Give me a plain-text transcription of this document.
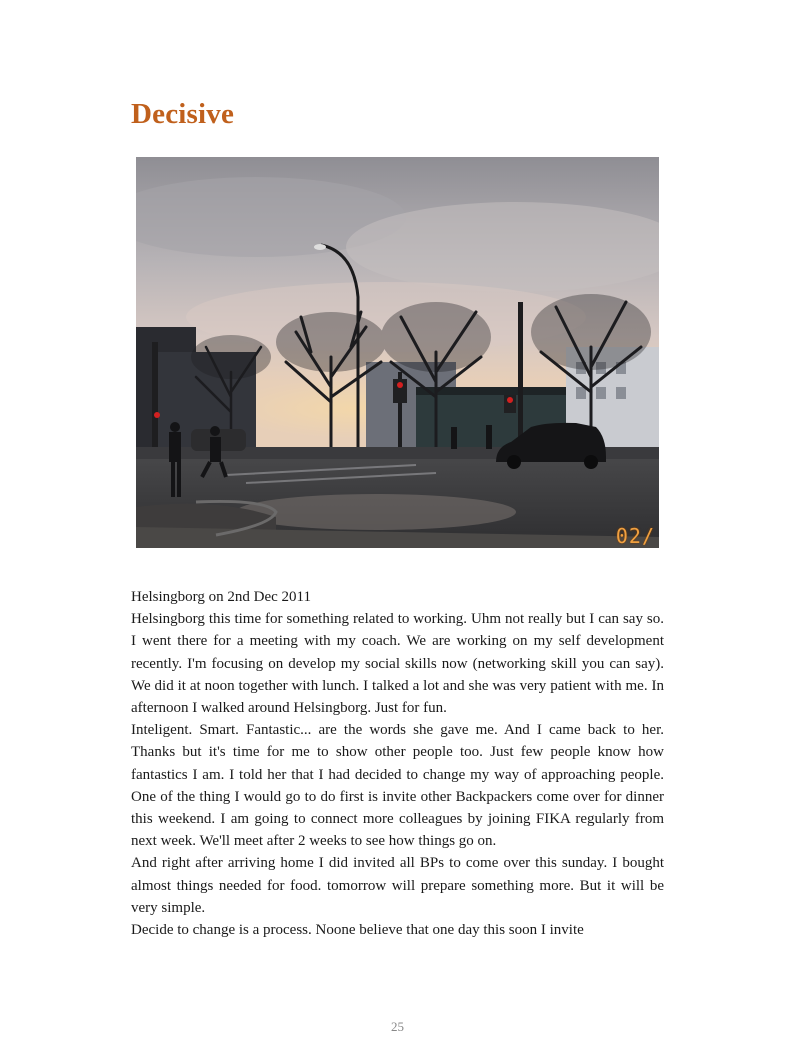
Decisive
02/

Helsingborg on 2nd Dec 2011

Helsingborg this time for something related to working. Uhm not really but I can say so. I went there for a meeting with my coach. We are working on my self development recently. I'm focusing on develop my social skills now (networking skill you can say). We did it at noon together with lunch. I talked a lot and she was very patient with me. In afternoon I walked around Helsingborg. Just for fun.

Inteligent. Smart. Fantastic... are the words she gave me. And I came back to her. Thanks but it's time for me to show other people too. Just few people know how fantastics I am. I told her that I had decided to change my way of approaching people. One of the thing I would go to do first is invite other Backpackers come over for dinner this weekend. I am going to connect more colleagues by joining FIKA regularly from next week. We'll meet after 2 weeks to see how things go on.

And right after arriving home I did invited all BPs to come over this sunday. I bought almost things needed for food. tomorrow will prepare something more. But it will be very simple.

Decide to change is a process. Noone believe that one day this soon I invite

25
